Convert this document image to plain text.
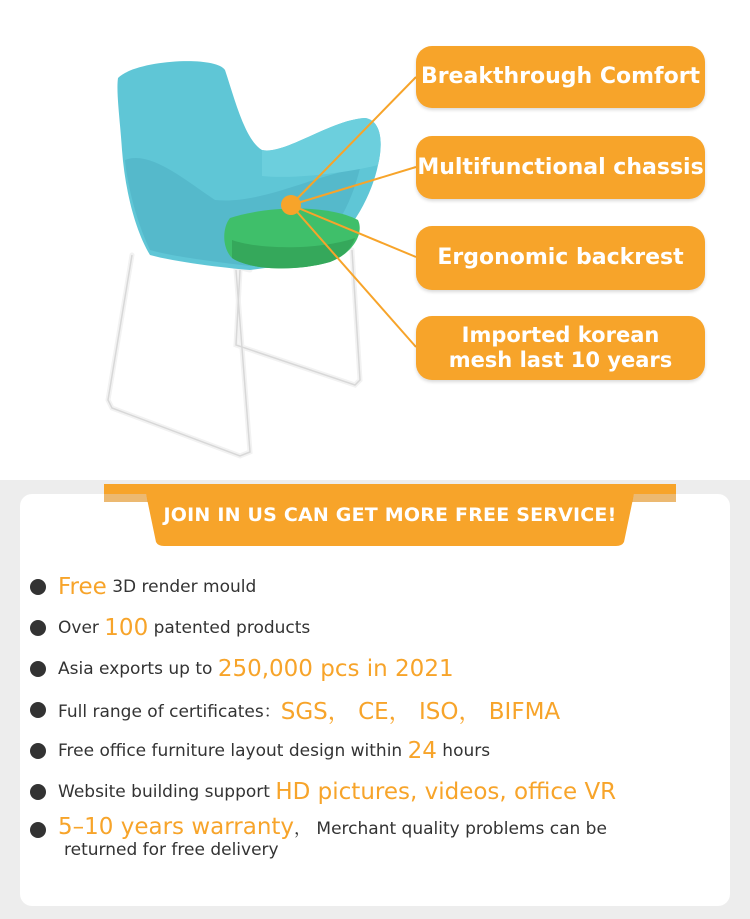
Breakthrough Comfort
Multifunctional chassis
Ergonomic backrest
Imported korean
mesh last 10 years
JOIN IN US CAN GET MORE FREE SERVICE!
Free 3D render mould
Over 100 patented products
Asia exports up to 250,000 pcs in 2021
Full range of certificates： SGS， CE， ISO， BIFMA
Free office furniture layout design within 24 hours
Website building support HD pictures, videos, office VR
5–10 years warranty， Merchant quality problems can be
returned for free delivery
